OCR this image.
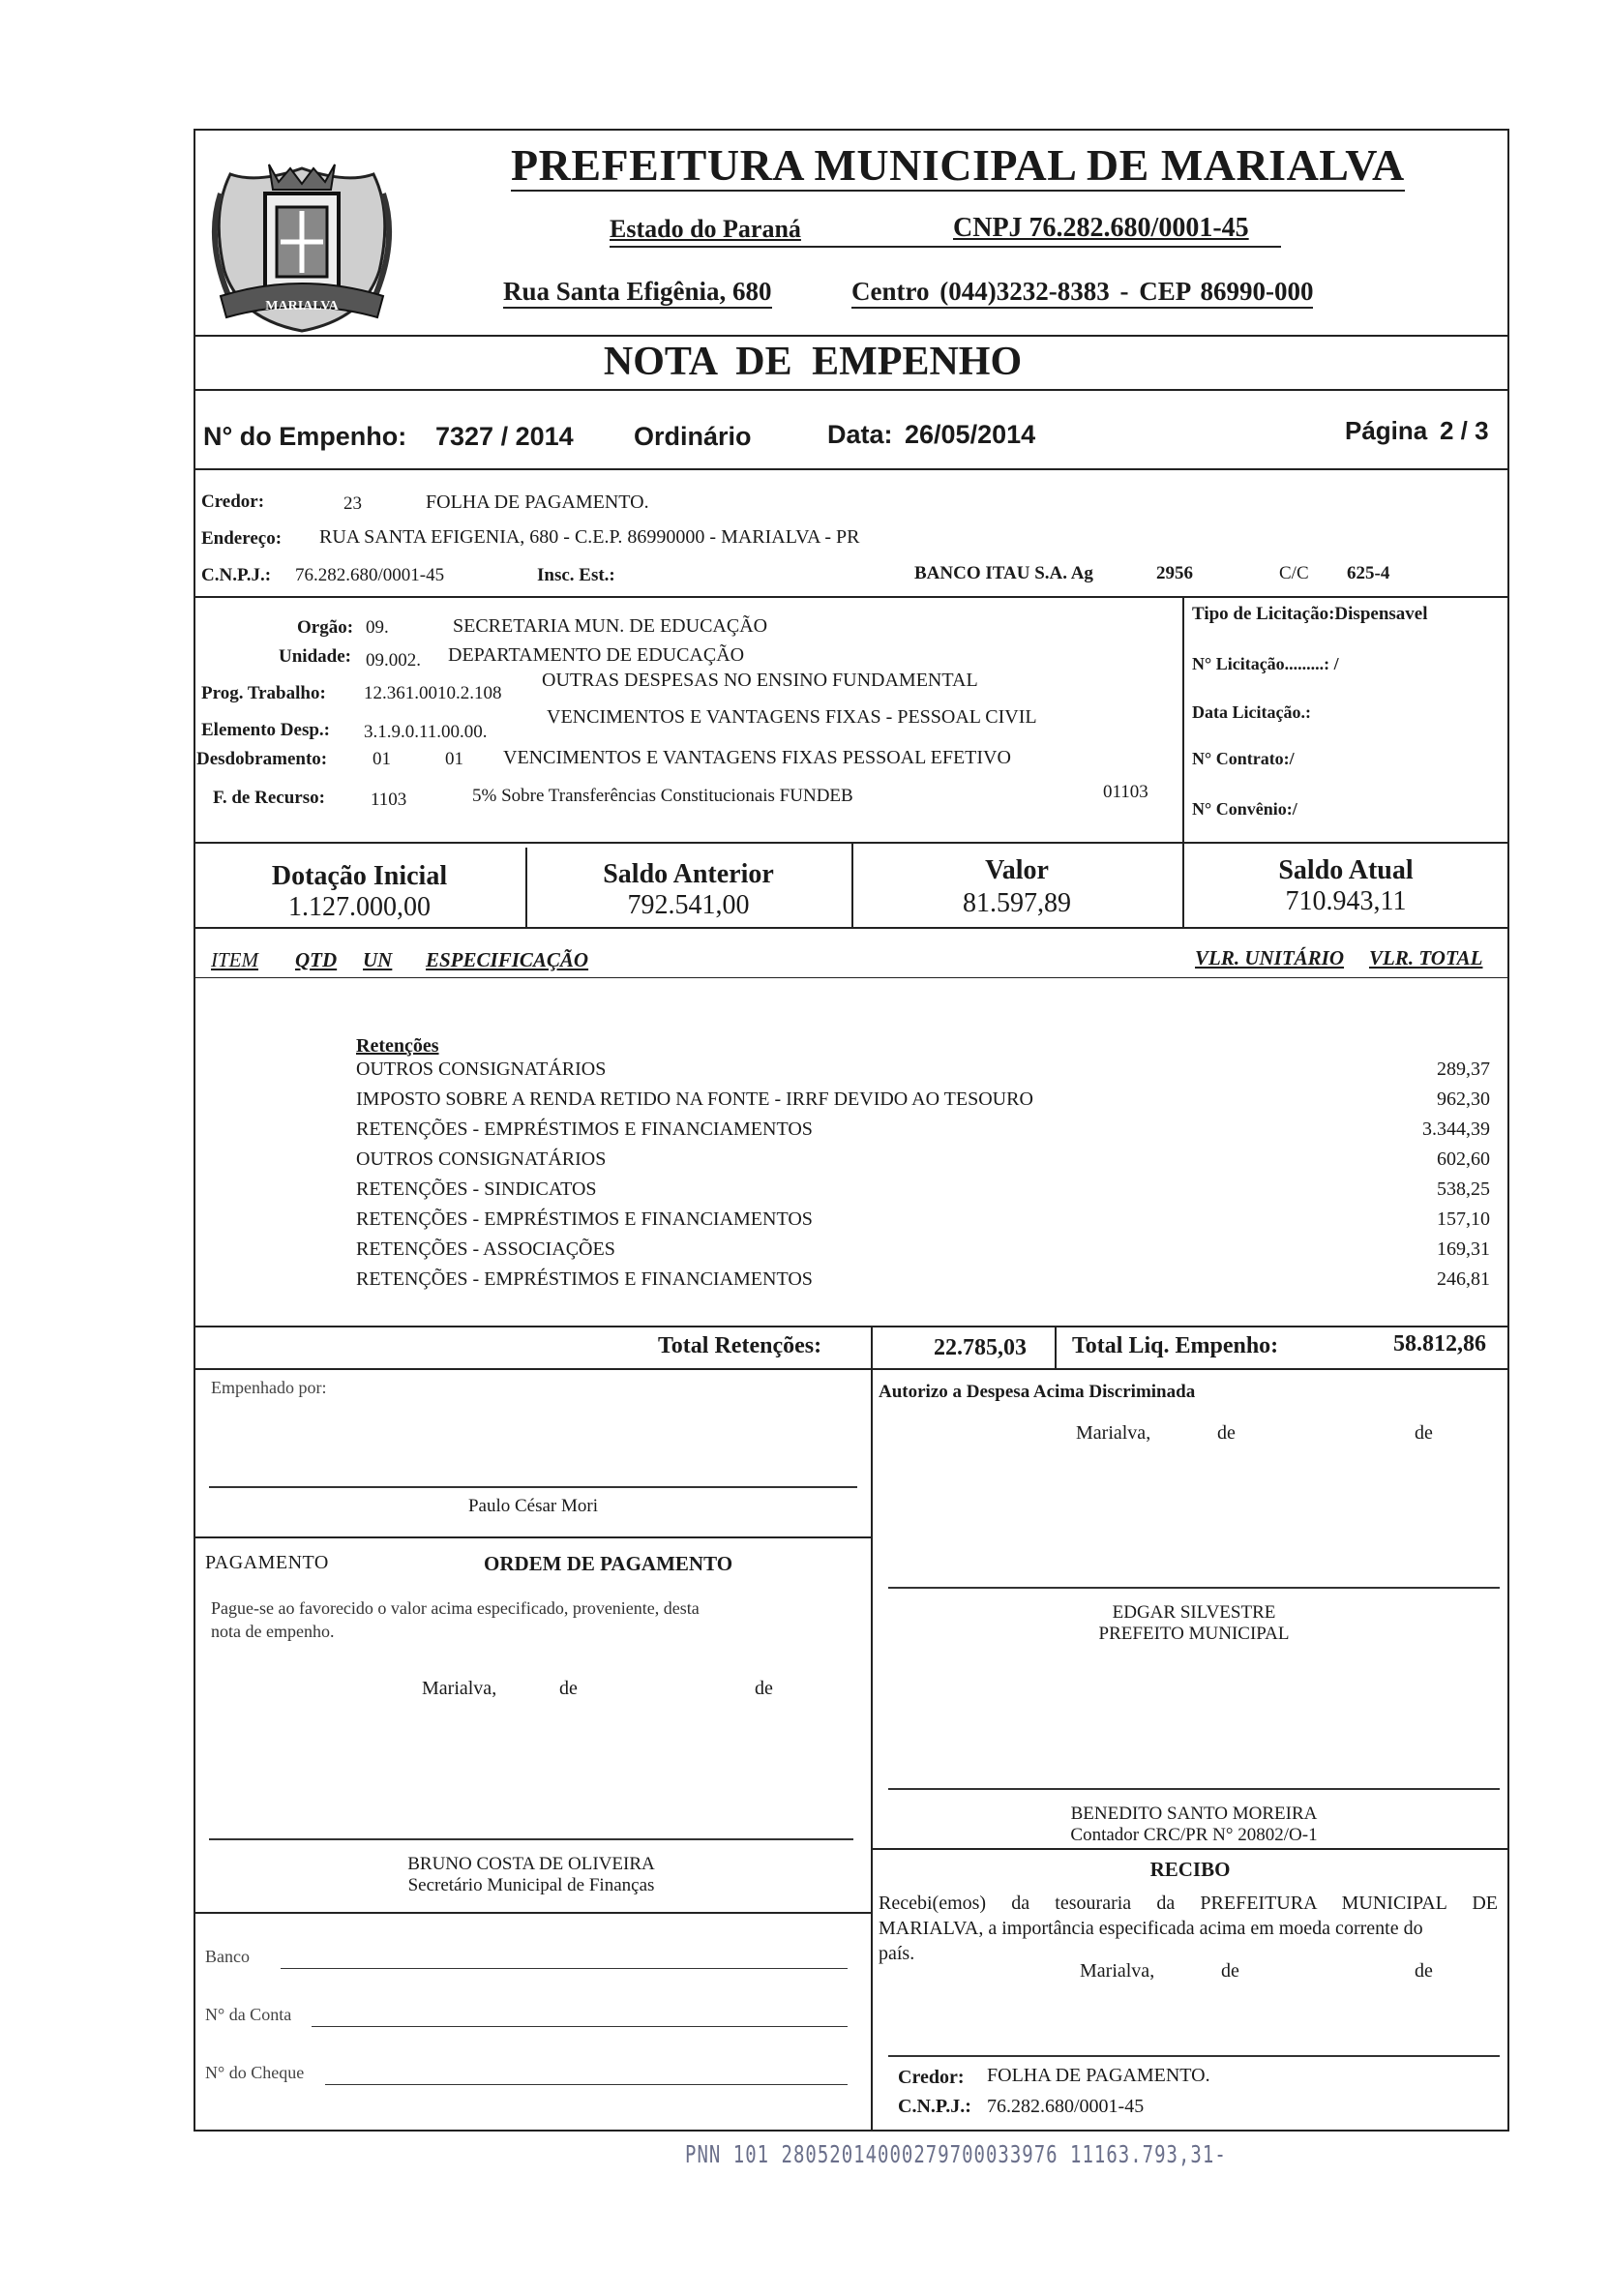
MARIALVA
PREFEITURA MUNICIPAL DE MARIALVA
Estado do Paraná	CNPJ 76.282.680/0001-45
Rua Santa Efigênia, 680	Centro (044)3232-8383 - CEP 86990-000
NOTA DE EMPENHO
N° do Empenho: 7327 / 2014 Ordinário	Data: 26/05/2014	Página 2 / 3
Credor:	23	FOLHA DE PAGAMENTO.
Endereço: RUA SANTA EFIGENIA, 680 - C.E.P. 86990000 - MARIALVA - PR
C.N.P.J.: 76.282.680/0001-45	Insc. Est.:	BANCO ITAU S.A. Ag	2956	C/C 625-4
Orgão: 09.	SECRETARIA MUN. DE EDUCAÇÃO
Unidade: 09.002. DEPARTAMENTO DE EDUCAÇÃO
Prog. Trabalho: 12.361.0010.2.108
OUTRAS DESPESAS NO ENSINO FUNDAMENTAL
Elemento Desp.: 3.1.9.0.11.00.00.
VENCIMENTOS E VANTAGENS FIXAS - PESSOAL CIVIL
Desdobramento: 01	01 VENCIMENTOS E VANTAGENS FIXAS PESSOAL EFETIVO
F. de Recurso: 1103	5% Sobre Transferências Constitucionais FUNDEB	01103
Tipo de Licitação:Dispensavel
N° Licitação.........: /
Data Licitação.:
N° Contrato:/
N° Convênio:/
Dotação Inicial
1.127.000,00
Saldo Anterior
792.541,00
Valor
81.597,89
Saldo Atual
710.943,11
ITEM QTD UN ESPECIFICAÇÃO	VLR. UNITÁRIO VLR. TOTAL
Retenções
OUTROS CONSIGNATÁRIOS	289,37
IMPOSTO SOBRE A RENDA RETIDO NA FONTE - IRRF DEVIDO AO TESOURO	962,30
RETENÇÕES - EMPRÉSTIMOS E FINANCIAMENTOS	3.344,39
OUTROS CONSIGNATÁRIOS	602,60
RETENÇÕES - SINDICATOS	538,25
RETENÇÕES - EMPRÉSTIMOS E FINANCIAMENTOS	157,10
RETENÇÕES - ASSOCIAÇÕES	169,31
RETENÇÕES - EMPRÉSTIMOS E FINANCIAMENTOS	246,81
Total Retenções:	22.785,03 Total Liq. Empenho:	58.812,86
Empenhado por:
Paulo César Mori
Autorizo a Despesa Acima Discriminada
Marialva,	de	de
PAGAMENTO	ORDEM DE PAGAMENTO
Pague-se ao favorecido o valor acima especificado, proveniente, desta
nota de empenho.
Marialva,	de	de
EDGAR SILVESTRE
PREFEITO MUNICIPAL
BENEDITO SANTO MOREIRA
Contador CRC/PR N° 20802/O-1
BRUNO COSTA DE OLIVEIRA
Secretário Municipal de Finanças
RECIBO
Recebi(emos) da tesouraria da PREFEITURA MUNICIPAL DE
MARIALVA, a importância especificada acima em moeda corrente do
país.
Marialva,	de	de
Banco
N° da Conta
N° do Cheque	Credor: FOLHA DE PAGAMENTO.
C.N.P.J.: 76.282.680/0001-45
PNN 101 28052014000279700033976 11163.793,31-
